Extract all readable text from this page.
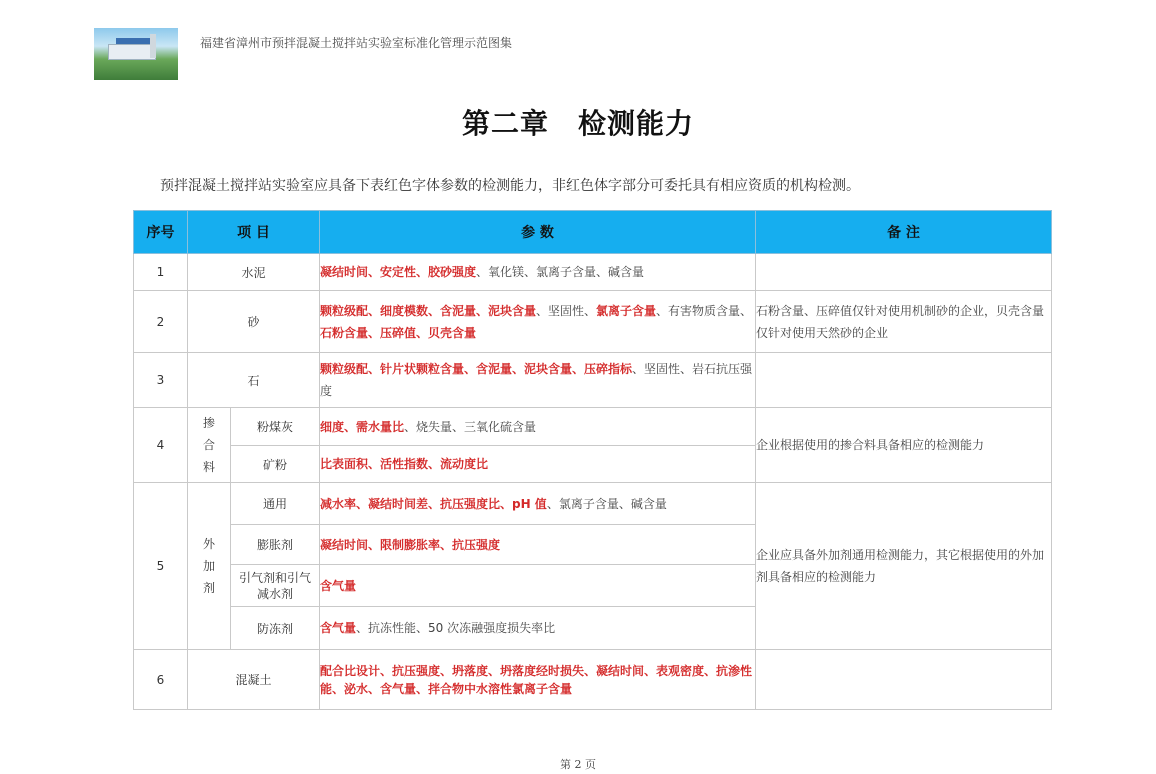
福建省漳州市预拌混凝土搅拌站实验室标准化管理示范图集
第二章　检测能力
预拌混凝土搅拌站实验室应具备下表红色字体参数的检测能力，非红色体字部分可委托具有相应资质的机构检测。
序号	项 目		参 数	备 注
1	水泥		凝结时间、安定性、胶砂强度、氧化镁、氯离子含量、碱含量	
2	砂		颗粒级配、细度模数、含泥量、泥块含量、坚固性、氯离子含量、有害物质含量、石粉含量、压碎值、贝壳含量	石粉含量、压碎值仅针对使用机制砂的企业，贝壳含量仅针对使用天然砂的企业
3	石		颗粒级配、针片状颗粒含量、含泥量、泥块含量、压碎指标、坚固性、岩石抗压强度	
4	掺
合
料	粉煤灰	细度、需水量比、烧失量、三氧化硫含量	企业根据使用的掺合料具备相应的检测能力
		矿粉	比表面积、活性指数、流动度比	
5	外
加
剂	通用	减水率、凝结时间差、抗压强度比、pH 值、氯离子含量、碱含量	企业应具备外加剂通用检测能力，其它根据使用的外加剂具备相应的检测能力
		膨胀剂	凝结时间、限制膨胀率、抗压强度	
		引气剂和引气减水剂	含气量	
		防冻剂	含气量、抗冻性能、50 次冻融强度损失率比	
6	混凝土		配合比设计、抗压强度、坍落度、坍落度经时损失、凝结时间、表观密度、抗渗性能、泌水、含气量、拌合物中水溶性氯离子含量	
第 2 页
